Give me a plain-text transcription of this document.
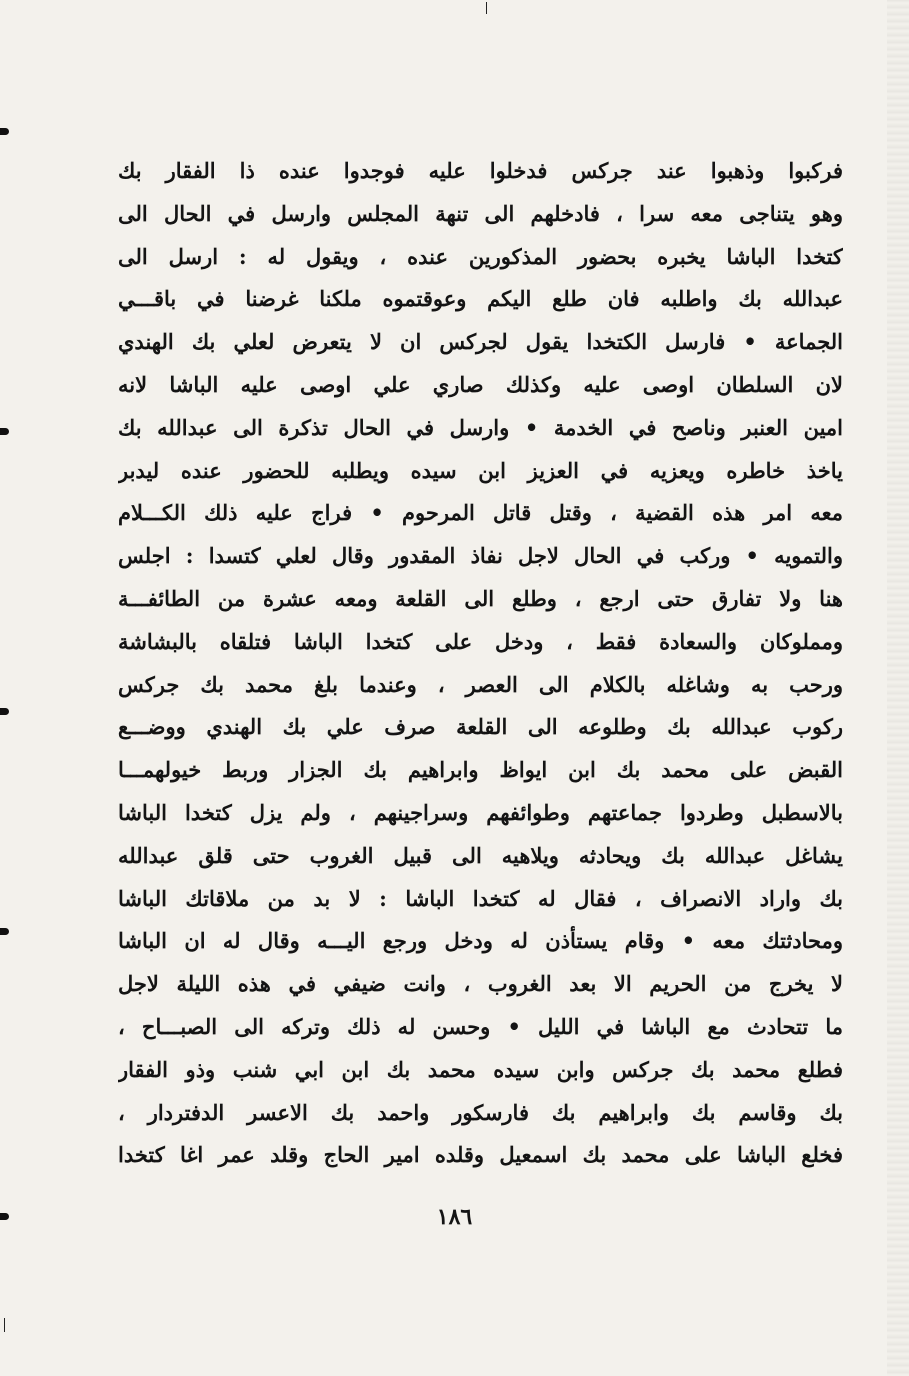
فركبوا وذهبوا عند جركس فدخلوا عليه فوجدوا عنده ذا الفقار بك
وهو يتناجى معه سرا ، فادخلهم الى تنهة المجلس وارسل في الحال الى
كتخدا الباشا يخبره بحضور المذكورين عنده ، ويقول له : ارسل الى
عبدالله بك واطلبه فان طلع اليكم وعوقتموه ملكنا غرضنا في باقـــي
الجماعة • فارسل الكتخدا يقول لجركس ان لا يتعرض لعلي بك الهندي
لان السلطان اوصى عليه وكذلك صاري علي اوصى عليه الباشا لانه
امين العنبر وناصح في الخدمة • وارسل في الحال تذكرة الى عبدالله بك
ياخذ خاطره ويعزيه في العزيز ابن سيده ويطلبه للحضور عنده ليدبر
معه امر هذه القضية ، وقتل قاتل المرحوم • فراج عليه ذلك الكـــلام
والتمويه • وركب في الحال لاجل نفاذ المقدور وقال لعلي كتسدا : اجلس
هنا ولا تفارق حتى ارجع ، وطلع الى القلعة ومعه عشرة من الطائفـــة
ومملوكان والسعادة فقط ، ودخل على كتخدا الباشا فتلقاه بالبشاشة
ورحب به وشاغله بالكلام الى العصر ، وعندما بلغ محمد بك جركس
ركوب عبدالله بك وطلوعه الى القلعة صرف علي بك الهندي ووضـــع
القبض على محمد بك ابن ايواظ وابراهيم بك الجزار وربط خيولهمـــا
بالاسطبل وطردوا جماعتهم وطوائفهم وسراجينهم ، ولم يزل كتخدا الباشا
يشاغل عبدالله بك ويحادثه ويلاهيه الى قبيل الغروب حتى قلق عبدالله
بك واراد الانصراف ، فقال له كتخدا الباشا : لا بد من ملاقاتك الباشا
ومحادثتك معه • وقام يستأذن له ودخل ورجع اليـــه وقال له ان الباشا
لا يخرج من الحريم الا بعد الغروب ، وانت ضيفي في هذه الليلة لاجل
ما تتحادث مع الباشا في الليل • وحسن له ذلك وتركه الى الصبـــاح ،
فطلع محمد بك جركس وابن سيده محمد بك ابن ابي شنب وذو الفقار
بك وقاسم بك وابراهيم بك فارسكور واحمد بك الاعسر الدفتردار ،
فخلع الباشا على محمد بك اسمعيل وقلده امير الحاج وقلد عمر اغا كتخدا
١٨٦
